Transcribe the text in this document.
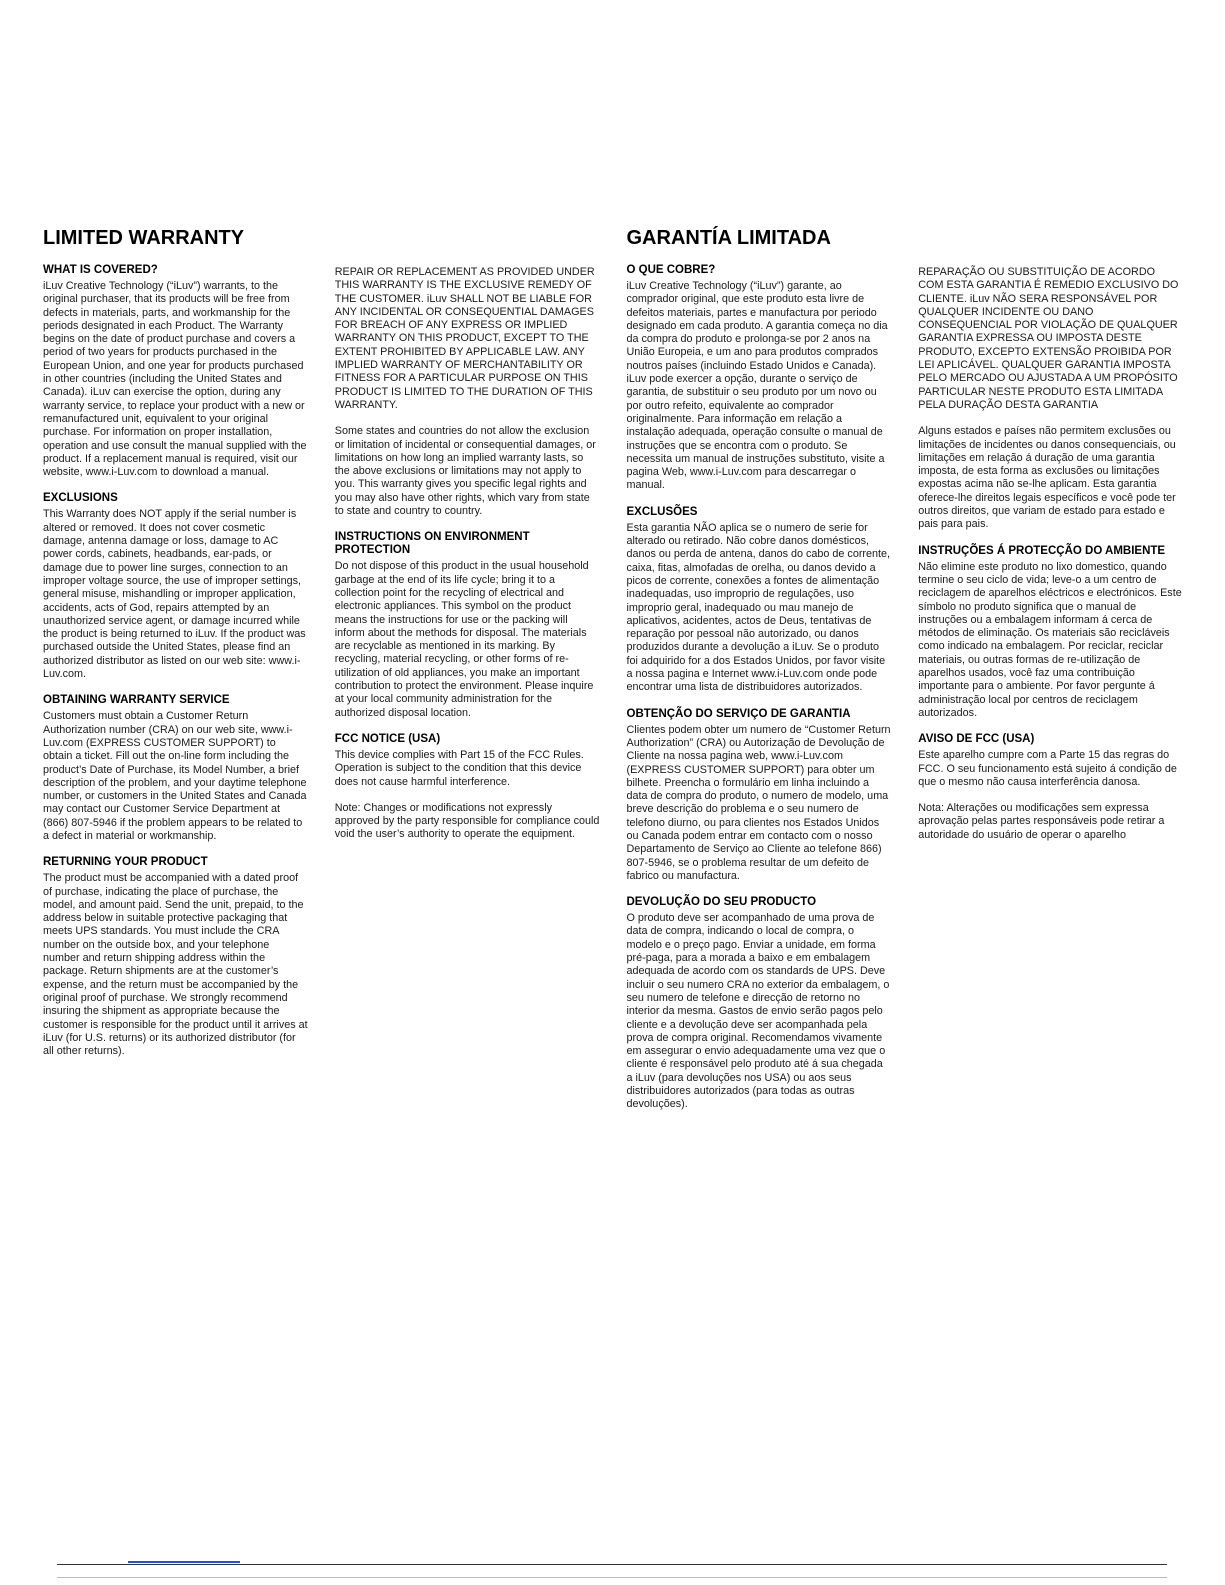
LIMITED WARRANTY
WHAT IS COVERED?
iLuv Creative Technology (“iLuv”) warrants, to the original purchaser, that its products will be free from defects in materials, parts, and workmanship for the periods designated in each Product. The Warranty begins on the date of product purchase and covers a period of two years for products purchased in the European Union, and one year for products purchased in other countries (including the United States and Canada). iLuv can exercise the option, during any warranty service, to replace your product with a new or remanufactured unit, equivalent to your original purchase. For information on proper installation, operation and use consult the manual supplied with the product. If a replacement manual is required, visit our website, www.i-Luv.com to download a manual.
EXCLUSIONS
This Warranty does NOT apply if the serial number is altered or removed. It does not cover cosmetic damage, antenna damage or loss, damage to AC power cords, cabinets, headbands, ear-pads, or damage due to power line surges, connection to an improper voltage source, the use of improper settings, general misuse, mishandling or improper application, accidents, acts of God, repairs attempted by an unauthorized service agent, or damage incurred while the product is being returned to iLuv. If the product was purchased outside the United States, please find an authorized distributor as listed on our web site: www.i-Luv.com.
OBTAINING WARRANTY SERVICE
Customers must obtain a Customer Return Authorization number (CRA) on our web site, www.i-Luv.com (EXPRESS CUSTOMER SUPPORT) to obtain a ticket. Fill out the on-line form including the product’s Date of Purchase, its Model Number, a brief description of the problem, and your daytime telephone number, or customers in the United States and Canada may contact our Customer Service Department at (866) 807-5946 if the problem appears to be related to a defect in material or workmanship.
RETURNING YOUR PRODUCT
The product must be accompanied with a dated proof of purchase, indicating the place of purchase, the model, and amount paid. Send the unit, prepaid, to the address below in suitable protective packaging that meets UPS standards. You must include the CRA number on the outside box, and your telephone number and return shipping address within the package. Return shipments are at the customer’s expense, and the return must be accompanied by the original proof of purchase. We strongly recommend insuring the shipment as appropriate because the customer is responsible for the product until it arrives at iLuv (for U.S. returns) or its authorized distributor (for all other returns).
REPAIR OR REPLACEMENT AS PROVIDED UNDER THIS WARRANTY IS THE EXCLUSIVE REMEDY OF THE CUSTOMER. iLuv SHALL NOT BE LIABLE FOR ANY INCIDENTAL OR CONSEQUENTIAL DAMAGES FOR BREACH OF ANY EXPRESS OR IMPLIED WARRANTY ON THIS PRODUCT, EXCEPT TO THE EXTENT PROHIBITED BY APPLICABLE LAW. ANY IMPLIED WARRANTY OF MERCHANTABILITY OR FITNESS FOR A PARTICULAR PURPOSE ON THIS PRODUCT IS LIMITED TO THE DURATION OF THIS WARRANTY.
Some states and countries do not allow the exclusion or limitation of incidental or consequential damages, or limitations on how long an implied warranty lasts, so the above exclusions or limitations may not apply to you. This warranty gives you specific legal rights and you may also have other rights, which vary from state to state and country to country.
INSTRUCTIONS ON ENVIRONMENT PROTECTION
Do not dispose of this product in the usual household garbage at the end of its life cycle; bring it to a collection point for the recycling of electrical and electronic appliances. This symbol on the product means the instructions for use or the packing will inform about the methods for disposal. The materials are recyclable as mentioned in its marking. By recycling, material recycling, or other forms of re-utilization of old appliances, you make an important contribution to protect the environment. Please inquire at your local community administration for the authorized disposal location.
FCC NOTICE (USA)
This device complies with Part 15 of the FCC Rules. Operation is subject to the condition that this device does not cause harmful interference.
Note: Changes or modifications not expressly approved by the party responsible for compliance could void the user’s authority to operate the equipment.
GARANTÍA LIMITADA
O QUE COBRE?
iLuv Creative Technology (“iLuv”) garante, ao comprador original, que este produto esta livre de defeitos materiais, partes e manufactura por periodo designado em cada produto. A garantia começa no dia da compra do produto e prolonga-se por 2 anos na União Europeia, e um ano para produtos comprados noutros países (incluindo Estado Unidos e Canada). iLuv pode exercer a opção, durante o serviço de garantia, de substituir o seu produto por um novo ou por outro refeito, equivalente ao comprador originalmente. Para informação em relação a instalação adequada, operação consulte o manual de instruções que se encontra com o produto. Se necessita um manual de instruções substituto, visite a pagina Web, www.i-Luv.com para descarregar o manual.
EXCLUSÕES
Esta garantia NÃO aplica se o numero de serie for alterado ou retirado. Não cobre danos domésticos, danos ou perda de antena, danos do cabo de corrente, caixa, fitas, almofadas de orelha, ou danos devido a picos de corrente, conexões a fontes de alimentação inadequadas, uso improprio de regulações, uso improprio geral, inadequado ou mau manejo de aplicativos, acidentes, actos de Deus, tentativas de reparação por pessoal não autorizado, ou danos produzidos durante a devolução a iLuv. Se o produto foi adquirido for a dos Estados Unidos, por favor visite a nossa pagina e Internet www.i-Luv.com onde pode encontrar uma lista de distribuidores autorizados.
OBTENÇÃO DO SERVIÇO DE GARANTIA
Clientes podem obter um numero de “Customer Return Authorization” (CRA) ou Autorização de Devolução de Cliente na nossa pagina web, www.i-Luv.com (EXPRESS CUSTOMER SUPPORT) para obter um bilhete. Preencha o formulário em linha incluindo a data de compra do produto, o numero de modelo, uma breve descrição do problema e o seu numero de telefono diurno, ou para clientes nos Estados Unidos ou Canada podem entrar em contacto com o nosso Departamento de Serviço ao Cliente ao telefone 866) 807-5946, se o problema resultar de um defeito de fabrico ou manufactura.
DEVOLUÇÃO DO SEU PRODUCTO
O produto deve ser acompanhado de uma prova de data de compra, indicando o local de compra, o modelo e o preço pago. Enviar a unidade, em forma pré-paga, para a morada a baixo e em embalagem adequada de acordo com os standards de UPS. Deve incluir o seu numero CRA no exterior da embalagem, o seu numero de telefone e direcção de retorno no interior da mesma. Gastos de envio serão pagos pelo cliente e a devolução deve ser acompanhada pela prova de compra original. Recomendamos vivamente em assegurar o envio adequadamente uma vez que o cliente é responsável pelo produto até á sua chegada a iLuv (para devoluções nos USA) ou aos seus distribuidores autorizados (para todas as outras devoluções).
REPARAÇÃO OU SUBSTITUIÇÃO DE ACORDO COM ESTA GARANTIA É REMEDIO EXCLUSIVO DO CLIENTE. iLuv NÃO SERA RESPONSÁVEL POR QUALQUER INCIDENTE OU DANO CONSEQUENCIAL POR VIOLAÇÃO DE QUALQUER GARANTIA EXPRESSA OU IMPOSTA DESTE PRODUTO, EXCEPTO EXTENSÃO PROIBIDA POR LEI APLICÁVEL. QUALQUER GARANTIA IMPOSTA PELO MERCADO OU AJUSTADA A UM PROPÓSITO PARTICULAR NESTE PRODUTO ESTA LIMITADA PELA DURAÇÃO DESTA GARANTIA
Alguns estados e países não permitem exclusões ou limitações de incidentes ou danos consequenciais, ou limitações em relação á duração de uma garantia imposta, de esta forma as exclusões ou limitações expostas acima não se-lhe aplicam. Esta garantia oferece-lhe direitos legais específicos e você pode ter outros direitos, que variam de estado para estado e pais para pais.
INSTRUÇÕES Á PROTECÇÃO DO AMBIENTE
Não elimine este produto no lixo domestico, quando termine o seu ciclo de vida; leve-o a um centro de reciclagem de aparelhos eléctricos e electrónicos. Este símbolo no produto significa que o manual de instruções ou a embalagem informam á cerca de métodos de eliminação. Os materiais são recicláveis como indicado na embalagem. Por reciclar, reciclar materiais, ou outras formas de re-utilização de aparelhos usados, você faz uma contribuição importante para o ambiente. Por favor pergunte á administração local por centros de reciclagem autorizados.
AVISO DE FCC (USA)
Este aparelho cumpre com a Parte 15 das regras do FCC. O seu funcionamento está sujeito á condição de que o mesmo não causa interferência danosa.
Nota: Alterações ou modificações sem expressa aprovação pelas partes responsáveis pode retirar a autoridade do usuário de operar o aparelho
